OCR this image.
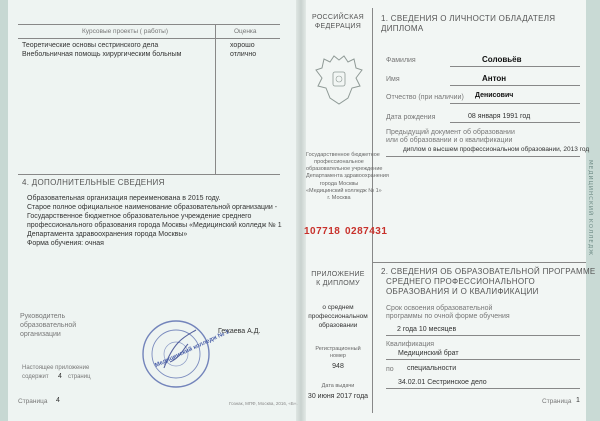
МЕДИЦИНСКИЙ КОЛЛЕДЖ
Курсовые проекты ( работы)	Оценка
Теоретические основы сестринского дела	хорошо
Внебольничная помощь хирургическим больным	отлично
4. ДОПОЛНИТЕЛЬНЫЕ СВЕДЕНИЯ
Образовательная организация переименована в 2015 году.
Старое полное официальное наименование образовательной организации -
Государственное бюджетное образовательное учреждение среднего
профессионального образования города Москвы «Медицинский колледж № 1
Департамента здравоохранения города Москвы»
Форма обучения: очная
Руководитель
образовательной
организации	Гежаева А.Д.
Медицинский колледж № 1
Настоящее приложение
содержит 4 страниц
Страница 4
РОССИЙСКАЯ
ФЕДЕРАЦИЯ
Государственное бюджетное
профессиональное
образовательное учреждение
Департамента здравоохранения
города Москвы
«Медицинский колледж № 1»
г. Москва
107718 0287431
ПРИЛОЖЕНИЕ
К ДИПЛОМУ
о среднем
профессиональном
образовании
Регистрационный
номер
948
Дата выдачи
30 июня 2017 года
Гознак, МПФ, Москва, 2016, «Б».
1. СВЕДЕНИЯ О ЛИЧНОСТИ ОБЛАДАТЕЛЯ
ДИПЛОМА
Фамилия	Соловьёв
Имя	Антон
Отчество (при наличии) Денисович
Дата рождения	08 января 1991 год
Предыдущий документ об образовании
или об образовании и о квалификации
диплом о высшем профессиональном образовании, 2013 год
2. СВЕДЕНИЯ ОБ ОБРАЗОВАТЕЛЬНОЙ ПРОГРАММЕ
СРЕДНЕГО ПРОФЕССИОНАЛЬНОГО
ОБРАЗОВАНИЯ И О КВАЛИФИКАЦИИ
Срок освоения образовательной
программы по очной форме обучения
2 года 10 месяцев
Квалификация
Медицинский брат
по специальности
34.02.01 Сестринское дело
Страница 1
